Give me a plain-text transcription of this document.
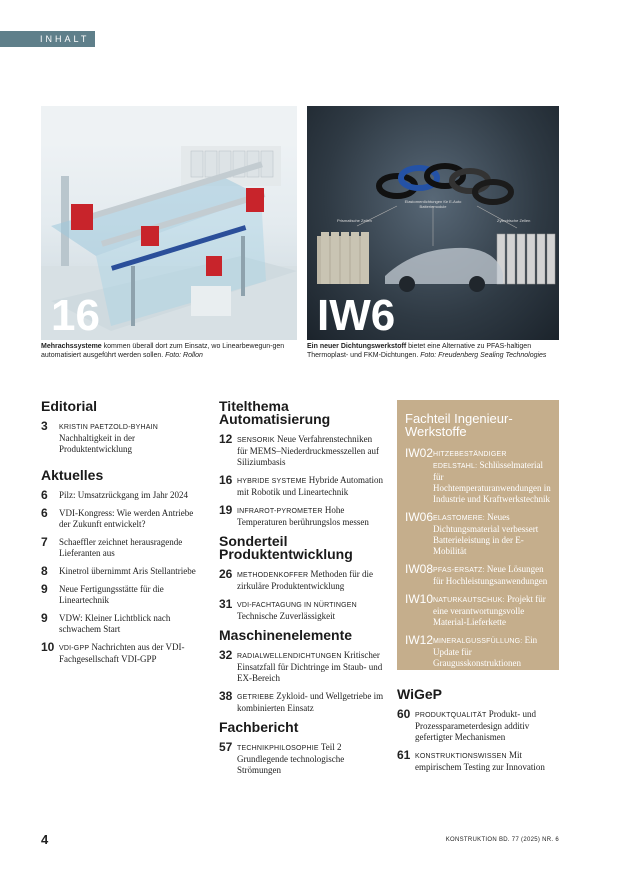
INHALT
16
Prismatische Zellen	Zylindrische Zellen
Elastomerdichtungen für E-Auto Batteriemodule
IW6
Mehrachssysteme kommen überall dort zum Einsatz, wo Linearbewegun-gen automatisiert ausgeführt werden sollen. Foto: Rollon
Ein neuer Dichtungswerkstoff bietet eine Alternative zu PFAS-haltigen Thermoplast- und FKM-Dichtungen. Foto: Freudenberg Sealing Technologies
Editorial
3	KRISTIN PAETZOLD-BYHAIN Nachhaltigkeit in der Produktentwicklung
Aktuelles
6	Pilz: Umsatzrückgang im Jahr 2024
6	VDI-Kongress: Wie werden Antriebe der Zukunft entwickelt?
7	Schaeffler zeichnet herausragende Lieferanten aus
8	Kinetrol übernimmt Aris Stellantriebe
9	Neue Fertigungsstätte für die Lineartechnik
9	VDW: Kleiner Lichtblick nach schwachem Start
10 VDI-GPP Nachrichten aus der VDI-Fachgesellschaft VDI-GPP
Titelthema Automatisierung
12 SENSORIK Neue Verfahrenstechniken für MEMS–Niederdruckmesszellen auf Siliziumbasis
16 HYBRIDE SYSTEME Hybride Automation mit Robotik und Lineartechnik
19 INFRAROT-PYROMETER Hohe Temperaturen berührungslos messen
Sonderteil Produktentwicklung
26 METHODENKOFFER Methoden für die zirkuläre Produktentwicklung
31 VDI-FACHTAGUNG IN NÜRTINGEN Technische Zuverlässigkeit
Maschinenelemente
32 RADIALWELLENDICHTUNGEN Kritischer Einsatzfall für Dichtringe im Staub- und EX-Bereich
38 GETRIEBE Zykloid- und Wellgetriebe im kombinierten Einsatz
Fachbericht
57 TECHNIKPHILOSOPHIE Teil 2 Grundlegende technologische Strömungen
Fachteil Ingenieur-Werkstoffe
IW02 HITZEBESTÄNDIGER EDELSTAHL: Schlüsselmaterial für Hochtemperaturanwendungen in Industrie und Kraftwerkstechnik
IW06 ELASTOMERE: Neues Dichtungsmaterial verbessert Batterieleistung in der E-Mobilität
IW08 PFAS-ERSATZ: Neue Lösungen für Hochleistungsanwendungen
IW10 NATURKAUTSCHUK: Projekt für eine verantwortungsvolle Material-Lieferkette
IW12 MINERALGUSSFÜLLUNG: Ein Update für Graugusskonstruktionen
Dr. Bernhard Sagmeister
WiGeP
60 PRODUKTQUALITÄT Produkt- und Prozessparameterdesign additiv gefertigter Mechanismen
61 KONSTRUKTIONSWISSEN Mit empirischem Testing zur Innovation
4	KONSTRUKTION BD. 77 (2025) NR. 6
